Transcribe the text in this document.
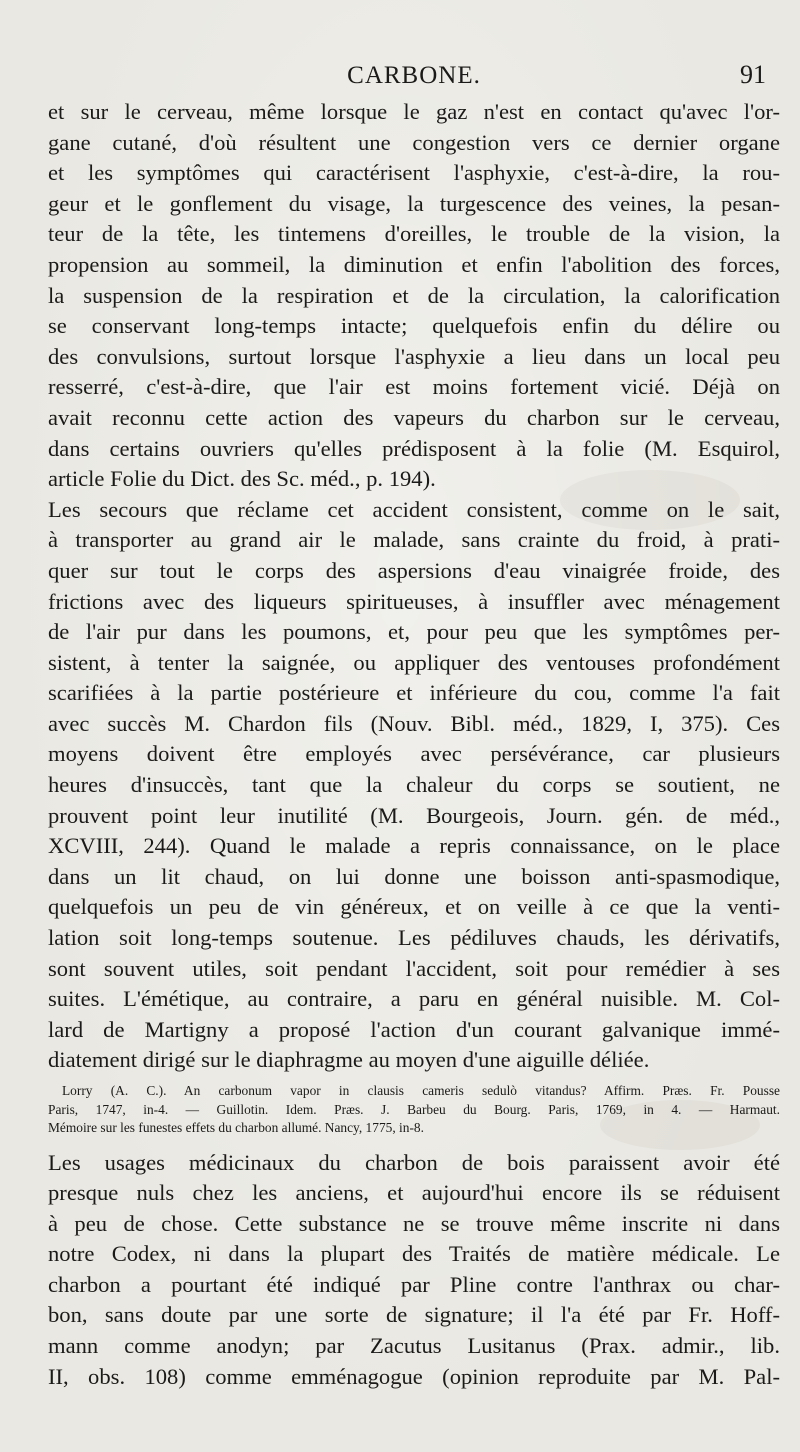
CARBONE.	91

et sur le cerveau, même lorsque le gaz n'est en contact qu'avec l'or-
gane cutané, d'où résultent une congestion vers ce dernier organe
et les symptômes qui caractérisent l'asphyxie, c'est-à-dire, la rou-
geur et le gonflement du visage, la turgescence des veines, la pesan-
teur de la tête, les tintemens d'oreilles, le trouble de la vision, la
propension au sommeil, la diminution et enfin l'abolition des forces,
la suspension de la respiration et de la circulation, la calorification
se conservant long-temps intacte; quelquefois enfin du délire ou
des convulsions, surtout lorsque l'asphyxie a lieu dans un local peu
resserré, c'est-à-dire, que l'air est moins fortement vicié. Déjà on
avait reconnu cette action des vapeurs du charbon sur le cerveau,
dans certains ouvriers qu'elles prédisposent à la folie (M. Esquirol,
article Folie du Dict. des Sc. méd., p. 194).

Les secours que réclame cet accident consistent, comme on le sait,
à transporter au grand air le malade, sans crainte du froid, à prati-
quer sur tout le corps des aspersions d'eau vinaigrée froide, des
frictions avec des liqueurs spiritueuses, à insuffler avec ménagement
de l'air pur dans les poumons, et, pour peu que les symptômes per-
sistent, à tenter la saignée, ou appliquer des ventouses profondément
scarifiées à la partie postérieure et inférieure du cou, comme l'a fait
avec succès M. Chardon fils (Nouv. Bibl. méd., 1829, I, 375). Ces
moyens doivent être employés avec persévérance, car plusieurs
heures d'insuccès, tant que la chaleur du corps se soutient, ne
prouvent point leur inutilité (M. Bourgeois, Journ. gén. de méd.,
XCVIII, 244). Quand le malade a repris connaissance, on le place
dans un lit chaud, on lui donne une boisson anti-spasmodique,
quelquefois un peu de vin généreux, et on veille à ce que la venti-
lation soit long-temps soutenue. Les pédiluves chauds, les dérivatifs,
sont souvent utiles, soit pendant l'accident, soit pour remédier à ses
suites. L'émétique, au contraire, a paru en général nuisible. M. Col-
lard de Martigny a proposé l'action d'un courant galvanique immé-
diatement dirigé sur le diaphragme au moyen d'une aiguille déliée.

Lorry (A. C.). An carbonum vapor in clausis cameris sedulò vitandus? Affirm. Præs. Fr. Pousse
Paris, 1747, in-4. — Guillotin. Idem. Præs. J. Barbeu du Bourg. Paris, 1769, in 4. — Harmaut.
Mémoire sur les funestes effets du charbon allumé. Nancy, 1775, in-8.

Les usages médicinaux du charbon de bois paraissent avoir été
presque nuls chez les anciens, et aujourd'hui encore ils se réduisent
à peu de chose. Cette substance ne se trouve même inscrite ni dans
notre Codex, ni dans la plupart des Traités de matière médicale. Le
charbon a pourtant été indiqué par Pline contre l'anthrax ou char-
bon, sans doute par une sorte de signature; il l'a été par Fr. Hoff-
mann comme anodyn; par Zacutus Lusitanus (Prax. admir., lib.
II, obs. 108) comme emménagogue (opinion reproduite par M. Pal-
